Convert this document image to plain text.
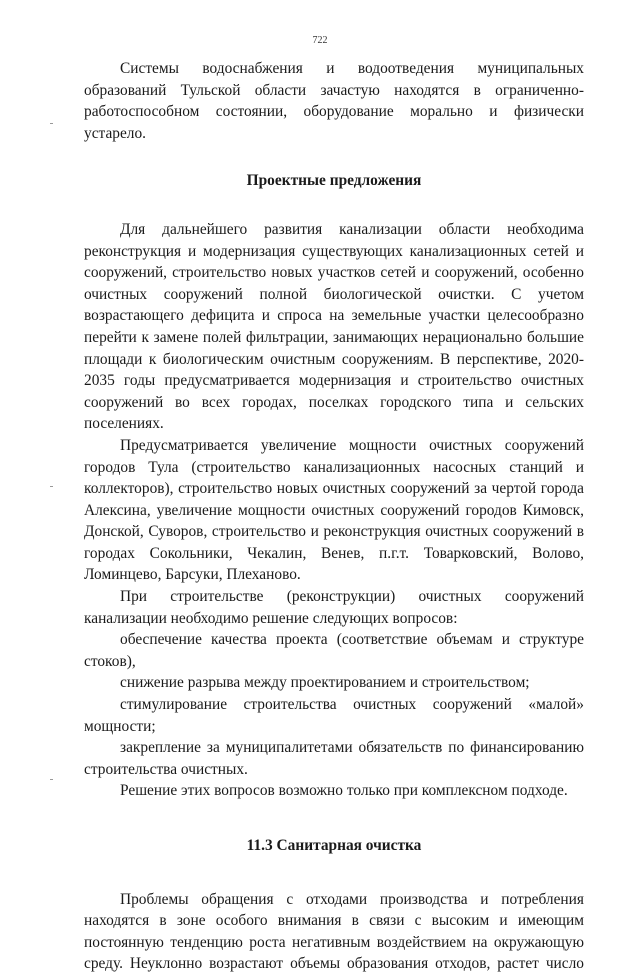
722

Системы водоснабжения и водоотведения муниципальных образований Тульской области зачастую находятся в ограниченно-работоспособном состоянии, оборудование морально и физически устарело.

Проектные предложения

Для дальнейшего развития канализации области необходима реконструкция и модернизация существующих канализационных сетей и сооружений, строительство новых участков сетей и сооружений, особенно очистных сооружений полной биологической очистки. С учетом возрастающего дефицита и спроса на земельные участки целесообразно перейти к замене полей фильтрации, занимающих нерационально большие площади к биологическим очистным сооружениям. В перспективе, 2020-2035 годы предусматривается модернизация и строительство очистных сооружений во всех городах, поселках городского типа и сельских поселениях.

Предусматривается увеличение мощности очистных сооружений городов Тула (строительство канализационных насосных станций и коллекторов), строительство новых очистных сооружений за чертой города Алексина, увеличение мощности очистных сооружений городов Кимовск, Донской, Суворов, строительство и реконструкция очистных сооружений в городах Сокольники, Чекалин, Венев, п.г.т. Товарковский, Волово, Ломинцево, Барсуки, Плеханово.

При строительстве (реконструкции) очистных сооружений канализации необходимо решение следующих вопросов:

обеспечение качества проекта (соответствие объемам и структуре стоков),

снижение разрыва между проектированием и строительством;

стимулирование строительства очистных сооружений «малой» мощности;

закрепление за муниципалитетами обязательств по финансированию строительства очистных.

Решение этих вопросов возможно только при комплексном подходе.

11.3 Санитарная очистка

Проблемы обращения с отходами производства и потребления находятся в зоне особого внимания в связи с высоким и имеющим постоянную тенденцию роста негативным воздействием на окружающую среду. Неуклонно возрастают объемы образования отходов, растет число
